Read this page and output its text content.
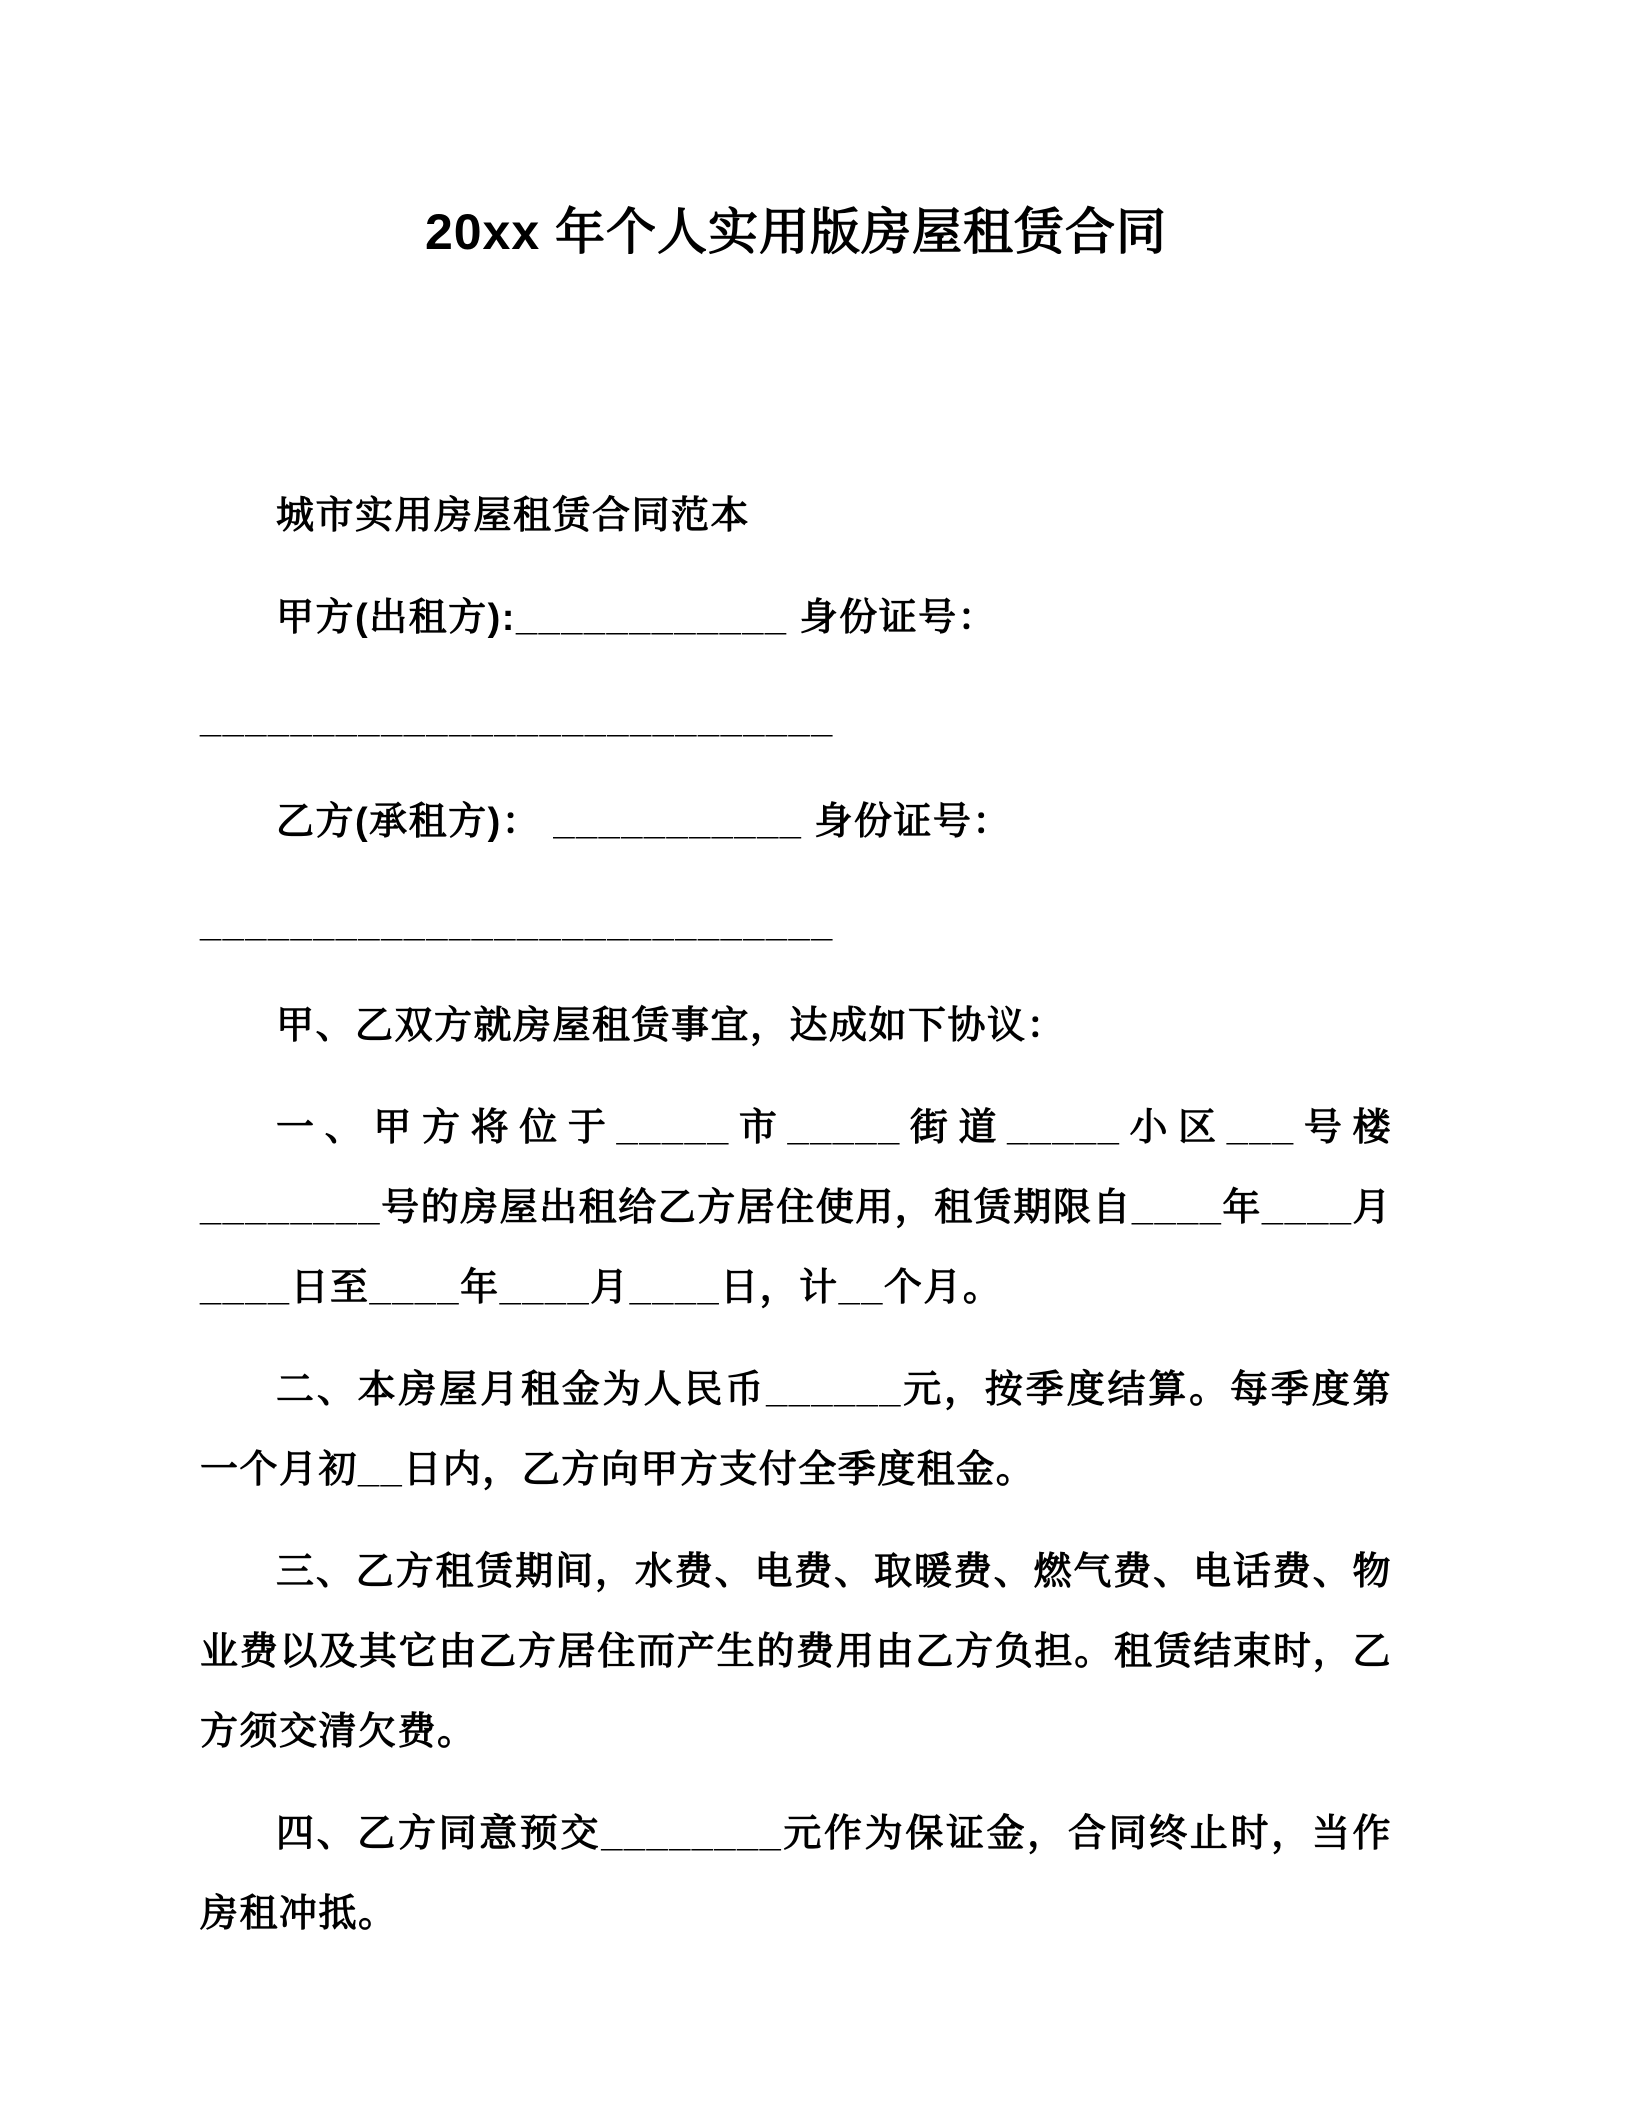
20xx 年个人实用版房屋租赁合同

城市实用房屋租赁合同范本

甲方(出租方):____________ 身份证号：

____________________________

乙方(承租方)： ___________ 身份证号：

____________________________

甲、乙双方就房屋租赁事宜，达成如下协议：

一、甲方将位于_____市_____街道_____小区___号楼________号的房屋出租给乙方居住使用，租赁期限自____年____月____日至____年____月____日，计__个月。

二、本房屋月租金为人民币______元，按季度结算。每季度第一个月初__日内，乙方向甲方支付全季度租金。

三、乙方租赁期间，水费、电费、取暖费、燃气费、电话费、物业费以及其它由乙方居住而产生的费用由乙方负担。租赁结束时，乙方须交清欠费。

四、乙方同意预交________元作为保证金，合同终止时，当作房租冲抵。
